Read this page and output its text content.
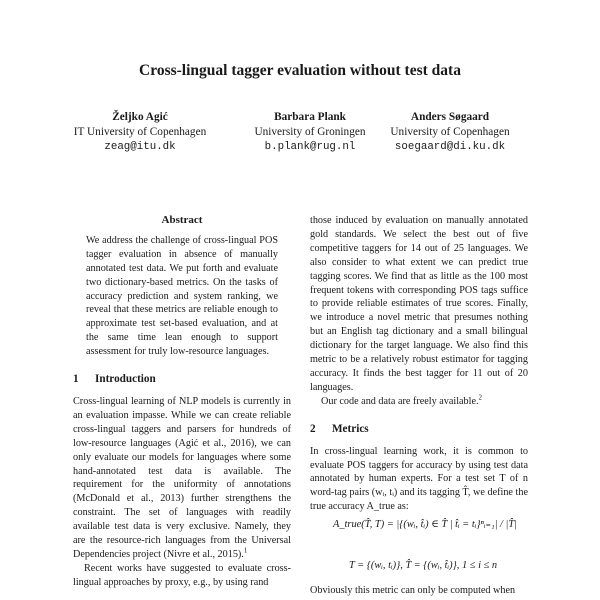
Cross-lingual tagger evaluation without test data
Željko Agić
IT University of Copenhagen
zeag@itu.dk
Barbara Plank
University of Groningen
b.plank@rug.nl
Anders Søgaard
University of Copenhagen
soegaard@di.ku.dk
Abstract

We address the challenge of cross-lingual POS tagger evaluation in absence of manually annotated test data. We put forth and evaluate two dictionary-based metrics. On the tasks of accuracy prediction and system ranking, we reveal that these metrics are reliable enough to approximate test set-based evaluation, and at the same time lean enough to support assessment for truly low-resource languages.

1 Introduction

Cross-lingual learning of NLP models is currently in an evaluation impasse. While we can create reliable cross-lingual taggers and parsers for hundreds of low-resource languages (Agić et al., 2016), we can only evaluate our models for languages where some hand-annotated test data is available. The requirement for the uniformity of annotations (McDonald et al., 2013) further strengthens the constraint. The set of languages with readily available test data is very exclusive. Namely, they are the resource-rich languages from the Universal Dependencies project (Nivre et al., 2015).$^1$

Recent works have suggested to evaluate cross-lingual approaches by proxy, e.g., by using rand

those induced by evaluation on manually annotated gold standards. We select the best out of five competitive taggers for 14 out of 25 languages. We also consider to what extent we can predict true tagging scores. We find that as little as the 100 most frequent tokens with corresponding POS tags suffice to provide reliable estimates of true scores. Finally, we introduce a novel metric that presumes nothing but an English tag dictionary and a small bilingual dictionary for the target language. We also find this metric to be a relatively robust estimator for tagging accuracy. It finds the best tagger for 11 out of 20 languages.

Our code and data are freely available.$^2$

2 Metrics

In cross-lingual learning work, it is common to evaluate POS taggers for accuracy by using test data annotated by human experts. For a test set T of n word-tag pairs (wᵢ, tᵢ) and its tagging T̂, we define the true accuracy A_true as:

A_true(T̂, T) = |{(wᵢ, t̂ᵢ) ∈ T̂ | t̂ᵢ = tᵢ}ⁿᵢ₌₁| / |T̂|
T = {(wᵢ, tᵢ)}, T̂ = {(wᵢ, t̂ᵢ)}, 1 ≤ i ≤ n

Obviously this metric can only be computed when
